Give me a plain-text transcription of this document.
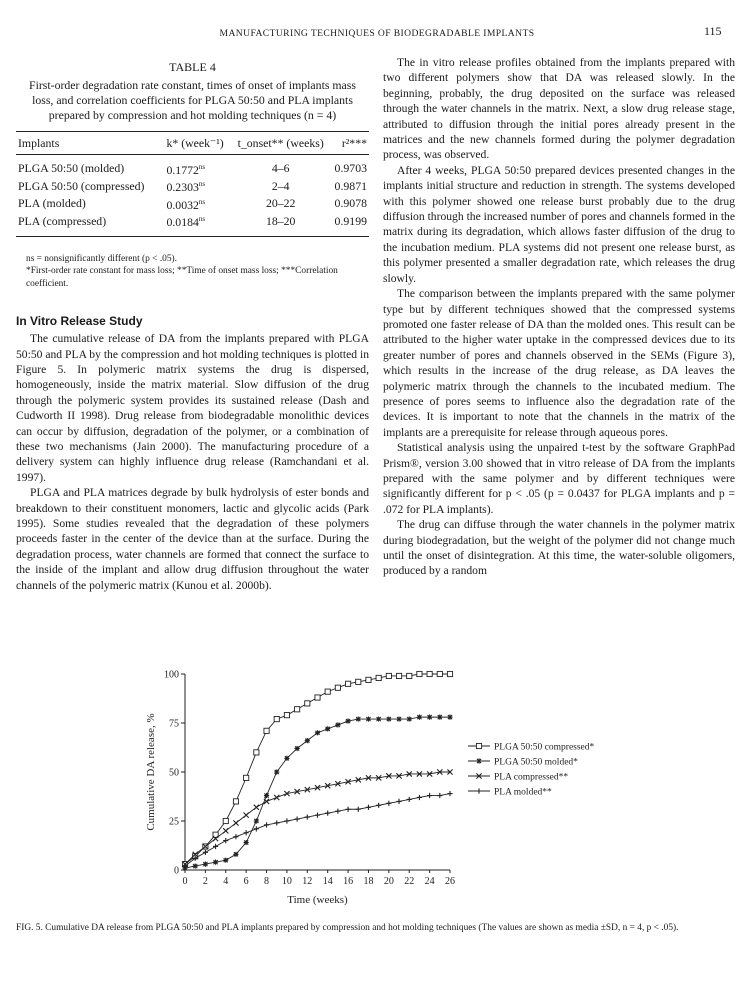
MANUFACTURING TECHNIQUES OF BIODEGRADABLE IMPLANTS	115
TABLE 4
First-order degradation rate constant, times of onset of implants mass loss, and correlation coefficients for PLGA 50:50 and PLA implants prepared by compression and hot molding techniques (n = 4)
Implants	k* (week⁻¹)	t_onset** (weeks)	r²***

PLGA 50:50 (molded)	$0.1772^{ns}$	4–6	0.9703
PLGA 50:50 (compressed)	$0.2303^{ns}$	2–4	0.9871
PLA (molded)	$0.0032^{ns}$	20–22	0.9078
PLA (compressed)	$0.0184^{ns}$	18–20	0.9199
ns = nonsignificantly different (p < .05).
*First-order rate constant for mass loss; **Time of onset mass loss; ***Correlation coefficient.
In Vitro Release Study

The cumulative release of DA from the implants prepared with PLGA 50:50 and PLA by the compression and hot molding techniques is plotted in Figure 5. In polymeric matrix systems the drug is dispersed, homogeneously, inside the matrix material. Slow diffusion of the drug through the polymeric system provides its sustained release (Dash and Cudworth II 1998). Drug release from biodegradable monolithic devices can occur by diffusion, degradation of the polymer, or a combination of these two mechanisms (Jain 2000). The manufacturing procedure of a delivery system can highly influence drug release (Ramchandani et al. 1997).

PLGA and PLA matrices degrade by bulk hydrolysis of ester bonds and breakdown to their constituent monomers, lactic and glycolic acids (Park 1995). Some studies revealed that the degradation of these polymers proceeds faster in the center of the device than at the surface. During the degradation process, water channels are formed that connect the surface to the inside of the implant and allow drug diffusion throughout the water channels of the polymeric matrix (Kunou et al. 2000b).

The in vitro release profiles obtained from the implants prepared with two different polymers show that DA was released slowly. In the beginning, probably, the drug deposited on the surface was released through the water channels in the matrix. Next, a slow drug release stage, attributed to diffusion through the initial pores already present in the matrices and the new channels formed during the polymer degradation process, was observed.

After 4 weeks, PLGA 50:50 prepared devices presented changes in the implants initial structure and reduction in strength. The systems developed with this polymer showed one release burst probably due to the drug diffusion through the increased number of pores and channels formed in the matrix during its degradation, which allows faster diffusion of the drug to the incubation medium. PLA systems did not present one release burst, as this polymer presented a smaller degradation rate, which releases the drug slowly.

The comparison between the implants prepared with the same polymer type but by different techniques showed that the compressed systems promoted one faster release of DA than the molded ones. This result can be attributed to the higher water uptake in the compressed devices due to its greater number of pores and channels observed in the SEMs (Figure 3), which results in the increase of the drug release, as DA leaves the polymeric matrix through the channels to the incubated medium. The presence of pores seems to influence also the degradation rate of the devices. It is important to note that the channels in the matrix of the implants are a prerequisite for release through aqueous pores.

Statistical analysis using the unpaired t-test by the software GraphPad Prism®, version 3.00 showed that in vitro release of DA from the implants prepared with the same polymer and by different techniques were significantly different for p < .05 (p = 0.0437 for PLGA implants and p = .072 for PLA implants).

The drug can diffuse through the water channels in the polymer matrix during biodegradation, but the weight of the polymer did not change much until the onset of disintegration. At this time, the water-soluble oligomers, produced by a random

0 2 4 6 8 10 12 14 16 18 20 22 24 26
0
25
50
75
100
Time (weeks)
Cumulative DA release, %	PLGA 50:50 compressed*
PLGA 50:50 molded*
PLA compressed**
PLA molded**
FIG. 5. Cumulative DA release from PLGA 50:50 and PLA implants prepared by compression and hot molding techniques (The values are shown as media ±SD, n = 4, p < .05).
